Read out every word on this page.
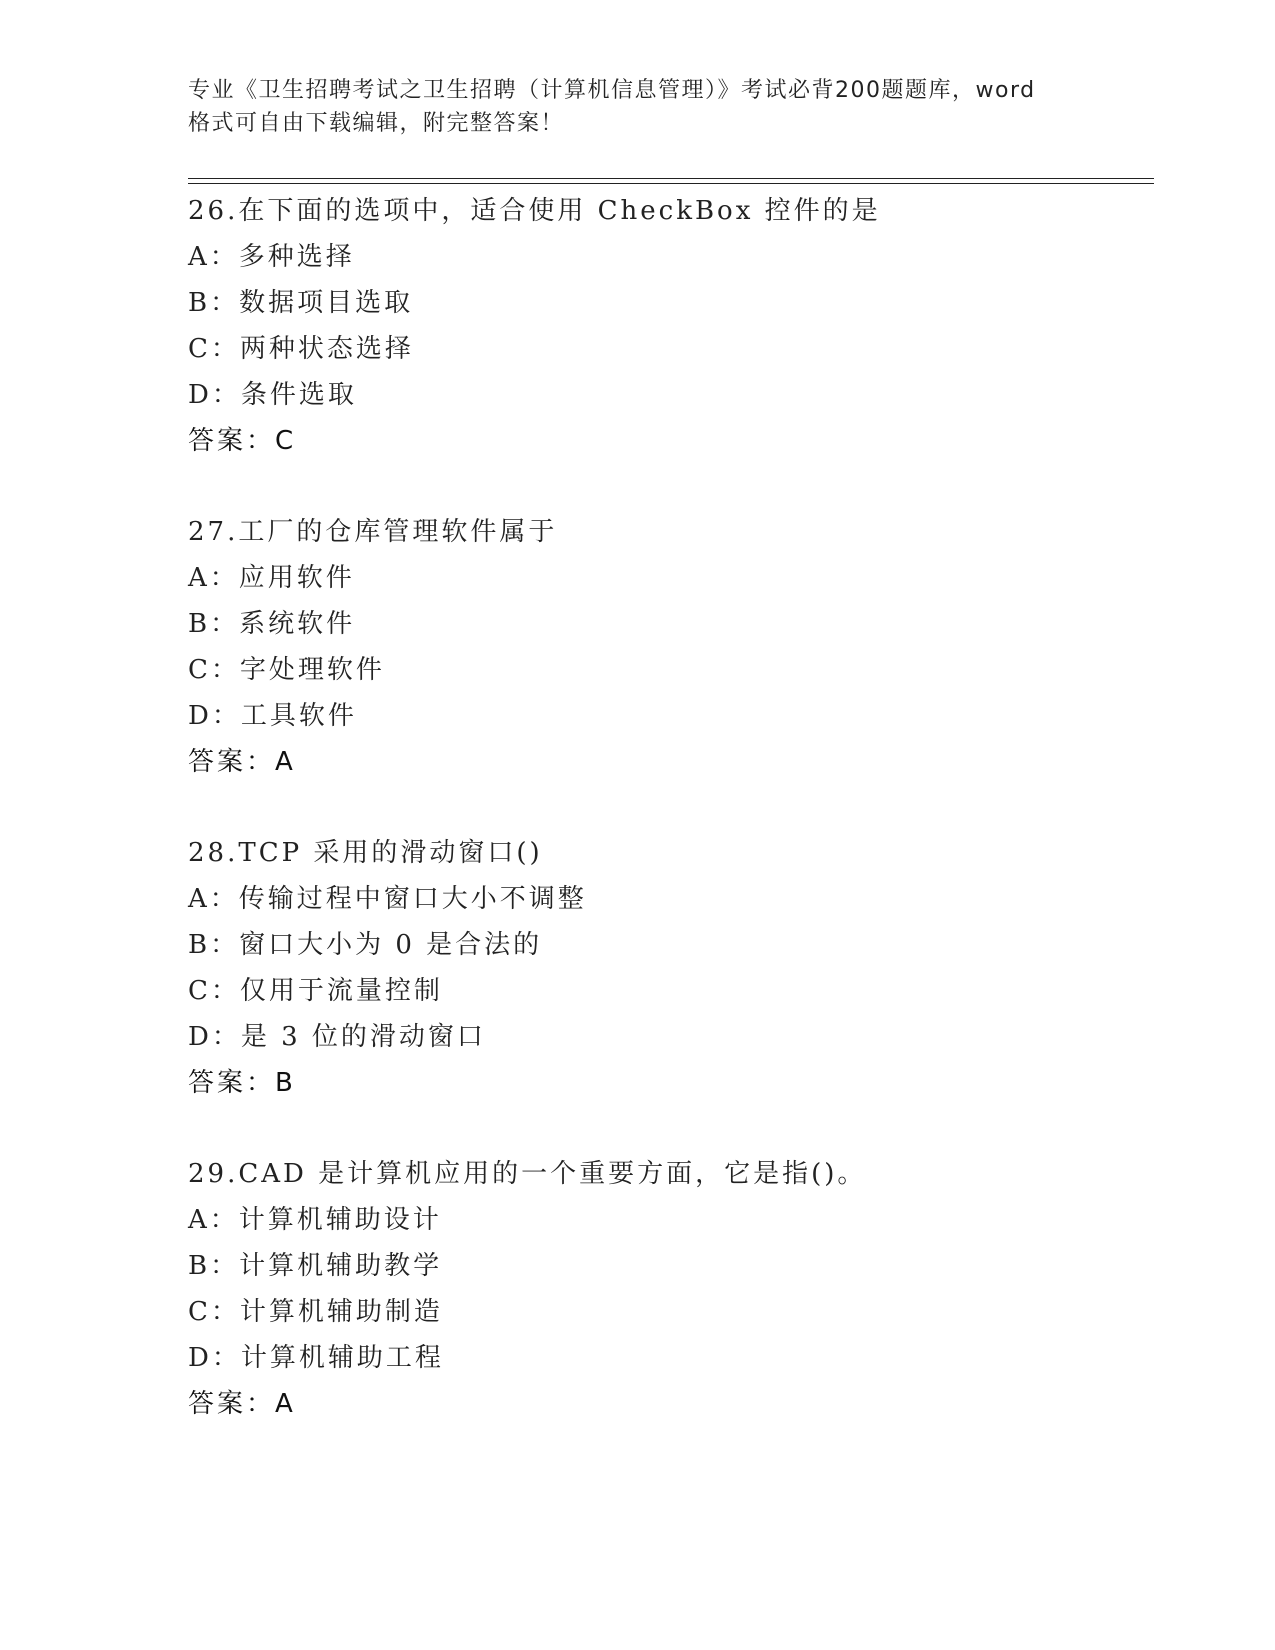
专业《卫生招聘考试之卫生招聘（计算机信息管理）》考试必背200题题库，word
格式可自由下载编辑，附完整答案！
26.在下面的选项中，适合使用 CheckBox 控件的是
A：多种选择
B：数据项目选取
C：两种状态选择
D：条件选取
答案：C
27.工厂的仓库管理软件属于
A：应用软件
B：系统软件
C：字处理软件
D：工具软件
答案：A
28.TCP 采用的滑动窗口()
A：传输过程中窗口大小不调整
B：窗口大小为 0 是合法的
C：仅用于流量控制
D：是 3 位的滑动窗口
答案：B
29.CAD 是计算机应用的一个重要方面，它是指()。
A：计算机辅助设计
B：计算机辅助教学
C：计算机辅助制造
D：计算机辅助工程
答案：A
